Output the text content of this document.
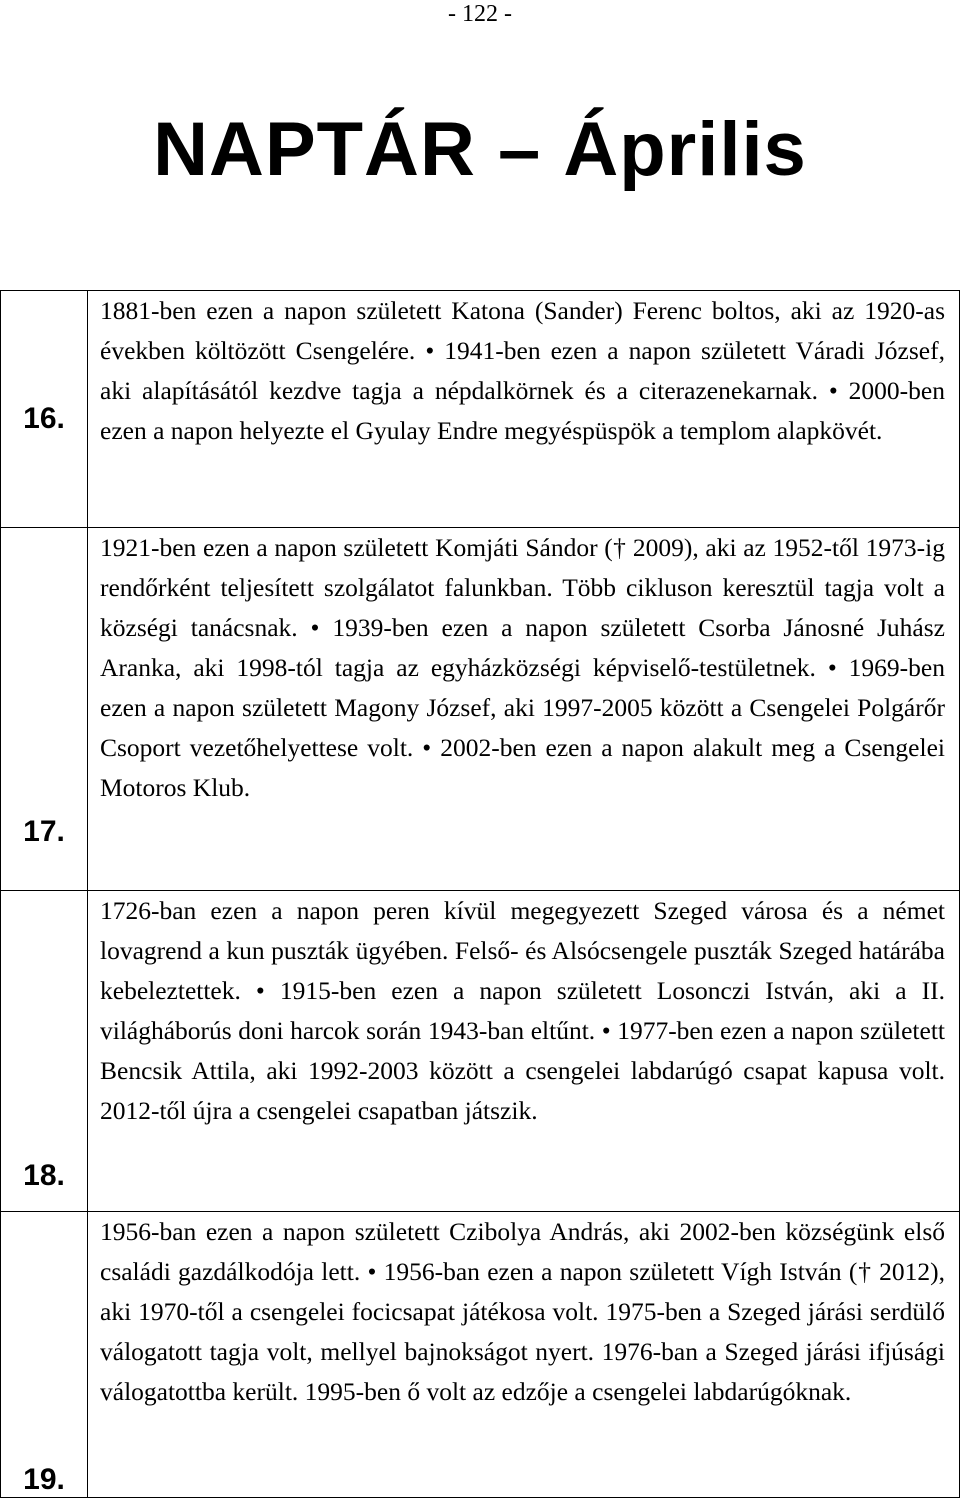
- 122 -
NAPTÁR – Április
16.	1881-ben ezen a napon született Katona (Sander) Ferenc boltos, aki az 1920-as években költözött Csengelére. • 1941-ben ezen a napon született Váradi József, aki alapításától kezdve tagja a népdalkörnek és a citerazenekarnak. • 2000-ben ezen a napon helyezte el Gyulay Endre megyéspüspök a templom alapkövét.

17.	1921-ben ezen a napon született Komjáti Sándor († 2009), aki az 1952-től 1973-ig rendőrként teljesített szolgálatot falunkban. Több cikluson keresztül tagja volt a községi tanácsnak. • 1939-ben ezen a napon született Csorba Jánosné Juhász Aranka, aki 1998-tól tagja az egyházközségi képviselő-testületnek. • 1969-ben ezen a napon született Magony József, aki 1997-2005 között a Csengelei Polgárőr Csoport vezetőhelyettese volt. • 2002-ben ezen a napon alakult meg a Csengelei Motoros Klub.

18.	1726-ban ezen a napon peren kívül megegyezett Szeged városa és a német lovagrend a kun puszták ügyében. Felső- és Alsócsengele puszták Szeged határába kebeleztettek. • 1915-ben ezen a napon született Losonczi István, aki a II. világháborús doni harcok során 1943-ban eltűnt. • 1977-ben ezen a napon született Bencsik Attila, aki 1992-2003 között a csengelei labdarúgó csapat kapusa volt. 2012-től újra a csengelei csapatban játszik.

19.	1956-ban ezen a napon született Czibolya András, aki 2002-ben községünk első családi gazdálkodója lett. • 1956-ban ezen a napon született Vígh István († 2012), aki 1970-től a csengelei focicsapat játékosa volt. 1975-ben a Szeged járási serdülő válogatott tagja volt, mellyel bajnokságot nyert. 1976-ban a Szeged járási ifjúsági válogatottba került. 1995-ben ő volt az edzője a csengelei labdarúgóknak.
